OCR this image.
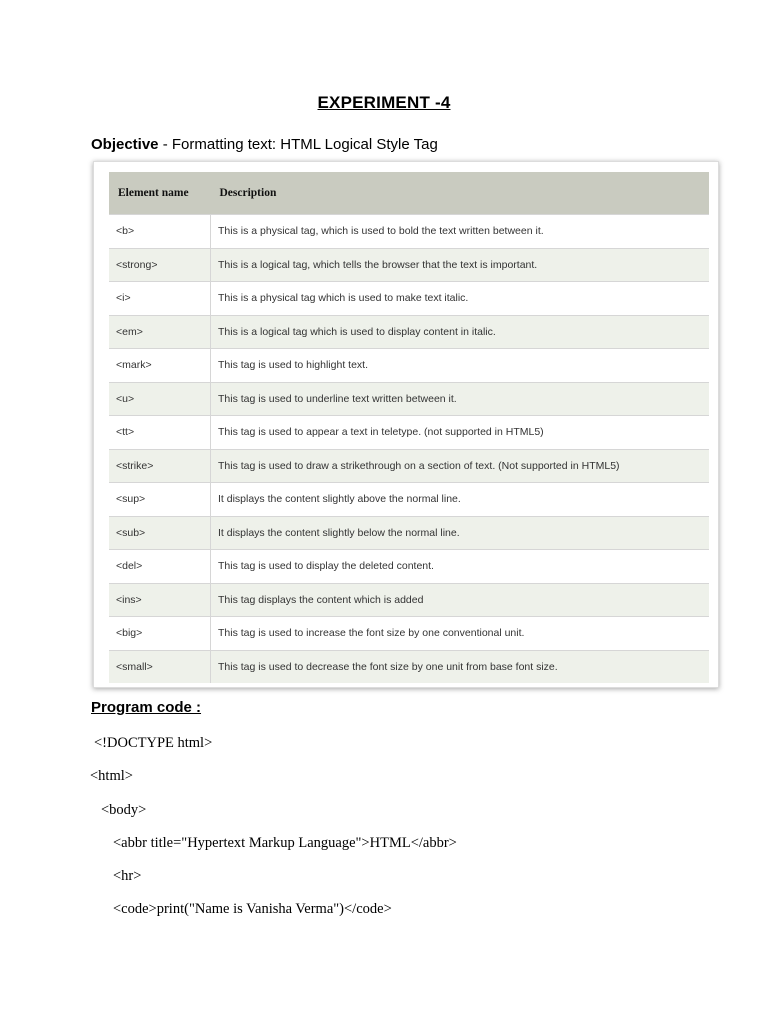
EXPERIMENT -4
Objective - Formatting text: HTML Logical Style Tag
Element name	Description
<b>	This is a physical tag, which is used to bold the text written between it.
<strong>	This is a logical tag, which tells the browser that the text is important.
<i>	This is a physical tag which is used to make text italic.
<em>	This is a logical tag which is used to display content in italic.
<mark>	This tag is used to highlight text.
<u>	This tag is used to underline text written between it.
<tt>	This tag is used to appear a text in teletype. (not supported in HTML5)
<strike>	This tag is used to draw a strikethrough on a section of text. (Not supported in HTML5)
<sup>	It displays the content slightly above the normal line.
<sub>	It displays the content slightly below the normal line.
<del>	This tag is used to display the deleted content.
<ins>	This tag displays the content which is added
<big>	This tag is used to increase the font size by one conventional unit.
<small>	This tag is used to decrease the font size by one unit from base font size.
Program code :
<!DOCTYPE html>
<html>
<body>
<abbr title="Hypertext Markup Language">HTML</abbr>
<hr>
<code>print("Name is Vanisha Verma")</code>
